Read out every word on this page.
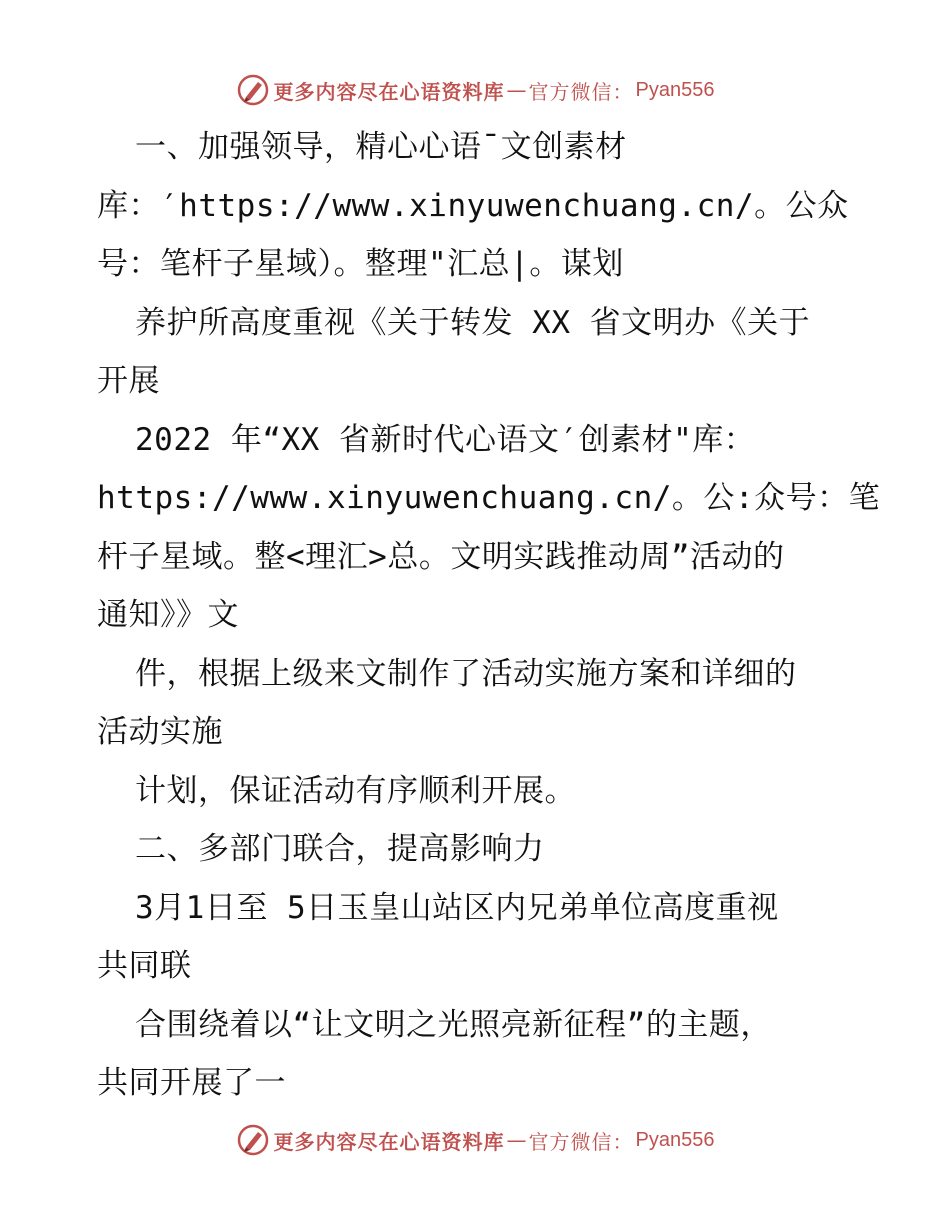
更多内容尽在心语资料库 — 官方微信： Pyan556
一、加强领导，精心心语¯文创素材
库：′https://www.xinyuwenchuang.cn/。公众
号：笔杆子星域）。整理"汇总|。谋划
养护所高度重视《关于转发 XX 省文明办《关于
开展
2022 年“XX 省新时代心语文′创素材"库：
https://www.xinyuwenchuang.cn/。公:众号：笔
杆子星域。整<理汇>总。文明实践推动周”活动的
通知》》文
件，根据上级来文制作了活动实施方案和详细的
活动实施
计划，保证活动有序顺利开展。
二、多部门联合，提高影响力
3月1日至 5日玉皇山站区内兄弟单位高度重视
共同联
合围绕着以“让文明之光照亮新征程”的主题，
共同开展了一
更多内容尽在心语资料库 — 官方微信： Pyan556
